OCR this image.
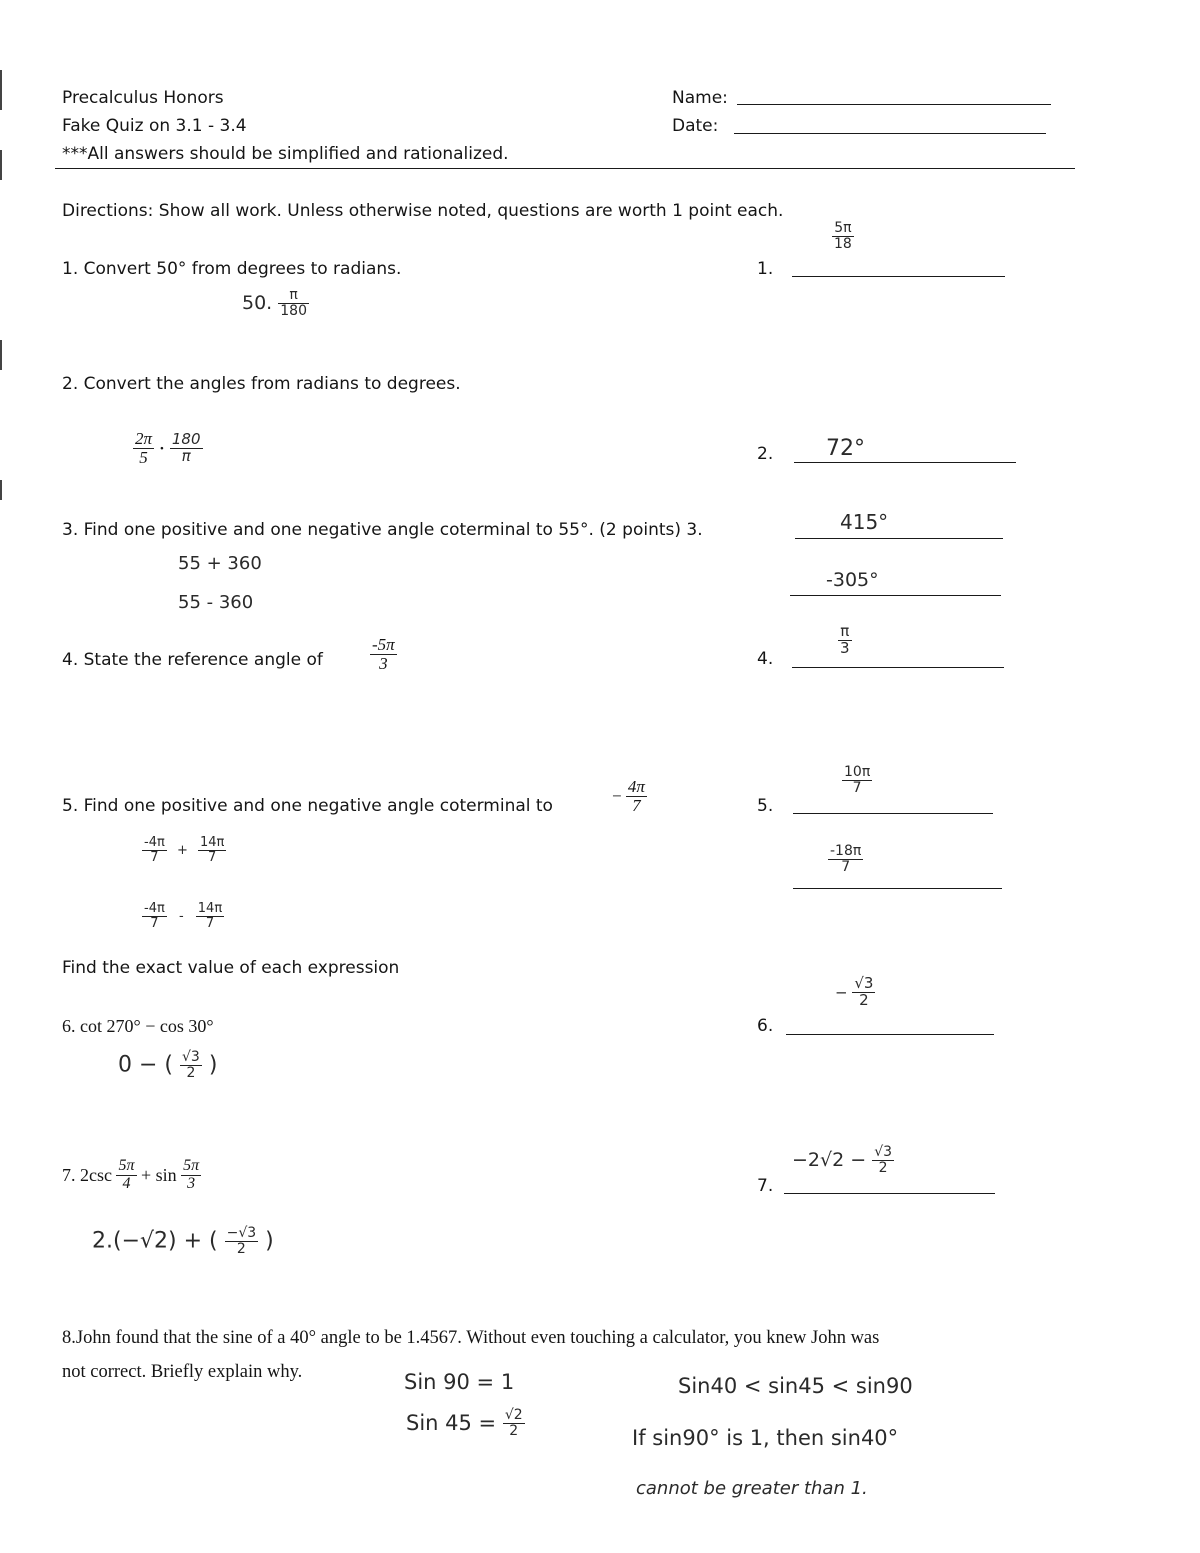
Precalculus Honors
Fake Quiz on 3.1 - 3.4
***All answers should be simplified and rationalized.
Name:
Date:
Directions: Show all work. Unless otherwise noted, questions are worth 1 point each.
1. Convert 50° from degrees to radians.	1.
$\frac{5\pi}{18}$
50. $\frac{\pi}{180}$
2. Convert the angles from radians to degrees.
$\frac{2\pi}{5} \cdot \frac{180}{\pi}$	2. 72°
3. Find one positive and one negative angle coterminal to 55°. (2 points) 3.	415°
55 + 360
55 - 360
-305°
4. State the reference angle of	$\frac{-5\pi}{3}$	4.
$\frac{\pi}{3}$
5. Find one positive and one negative angle coterminal to
− $\frac{4\pi}{7}$	5.
$\frac{10\pi}{7}$
$\frac{-18\pi}{7}$
$\frac{-4\pi}{7} + \frac{14\pi}{7}$
$\frac{-4\pi}{7} - \frac{14\pi}{7}$
Find the exact value of each expression
6. cot 270° − cos 30°	6.
− $\frac{√3}{2}$
0 − ( $\frac{√3}{2}$ )
7. $2\csc \frac{5\pi}{4} + \sin \frac{5\pi}{3}$	7.
$-2√2 - \frac{√3}{2}$
2.(−√2) + ( $\frac{-√3}{2}$ )
8.John found that the sine of a 40° angle to be 1.4567. Without even touching a calculator, you knew John was
not correct. Briefly explain why.	Sin 90 = 1
Sin $45 = \frac{√2}{2}$
Sin40 < sin45 < sin90
If sin90° is 1, then sin40°
cannot be greater than 1.
